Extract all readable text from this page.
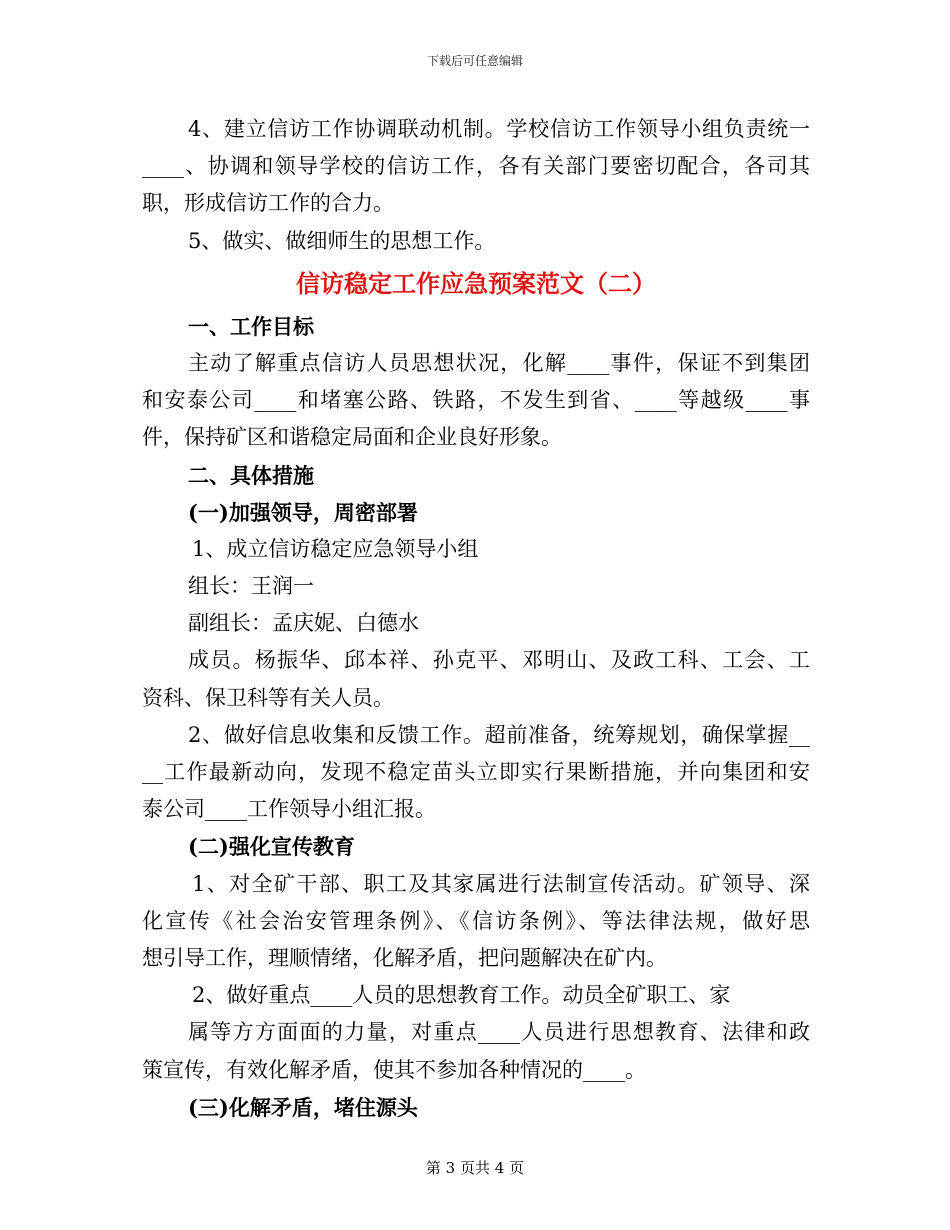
下载后可任意编辑
4、建立信访工作协调联动机制。学校信访工作领导小组负责统一
____、协调和领导学校的信访工作，各有关部门要密切配合，各司其
职，形成信访工作的合力。
5、做实、做细师生的思想工作。
信访稳定工作应急预案范文（二）
一、工作目标
主动了解重点信访人员思想状况，化解____事件，保证不到集团
和安泰公司____和堵塞公路、铁路，不发生到省、____等越级____事
件，保持矿区和谐稳定局面和企业良好形象。
二、具体措施
(一)加强领导，周密部署
1、成立信访稳定应急领导小组
组长：王润一
副组长：孟庆妮、白德水
成员。杨振华、邱本祥、孙克平、邓明山、及政工科、工会、工
资科、保卫科等有关人员。
2、做好信息收集和反馈工作。超前准备，统筹规划，确保掌握__
__工作最新动向，发现不稳定苗头立即实行果断措施，并向集团和安
泰公司____工作领导小组汇报。
(二)强化宣传教育
1、对全矿干部、职工及其家属进行法制宣传活动。矿领导、深
化宣传《社会治安管理条例》、《信访条例》、等法律法规，做好思
想引导工作，理顺情绪，化解矛盾，把问题解决在矿内。
2、做好重点____人员的思想教育工作。动员全矿职工、家
属等方方面面的力量，对重点____人员进行思想教育、法律和政
策宣传，有效化解矛盾，使其不参加各种情况的____。
(三)化解矛盾，堵住源头
第 3 页共 4 页
